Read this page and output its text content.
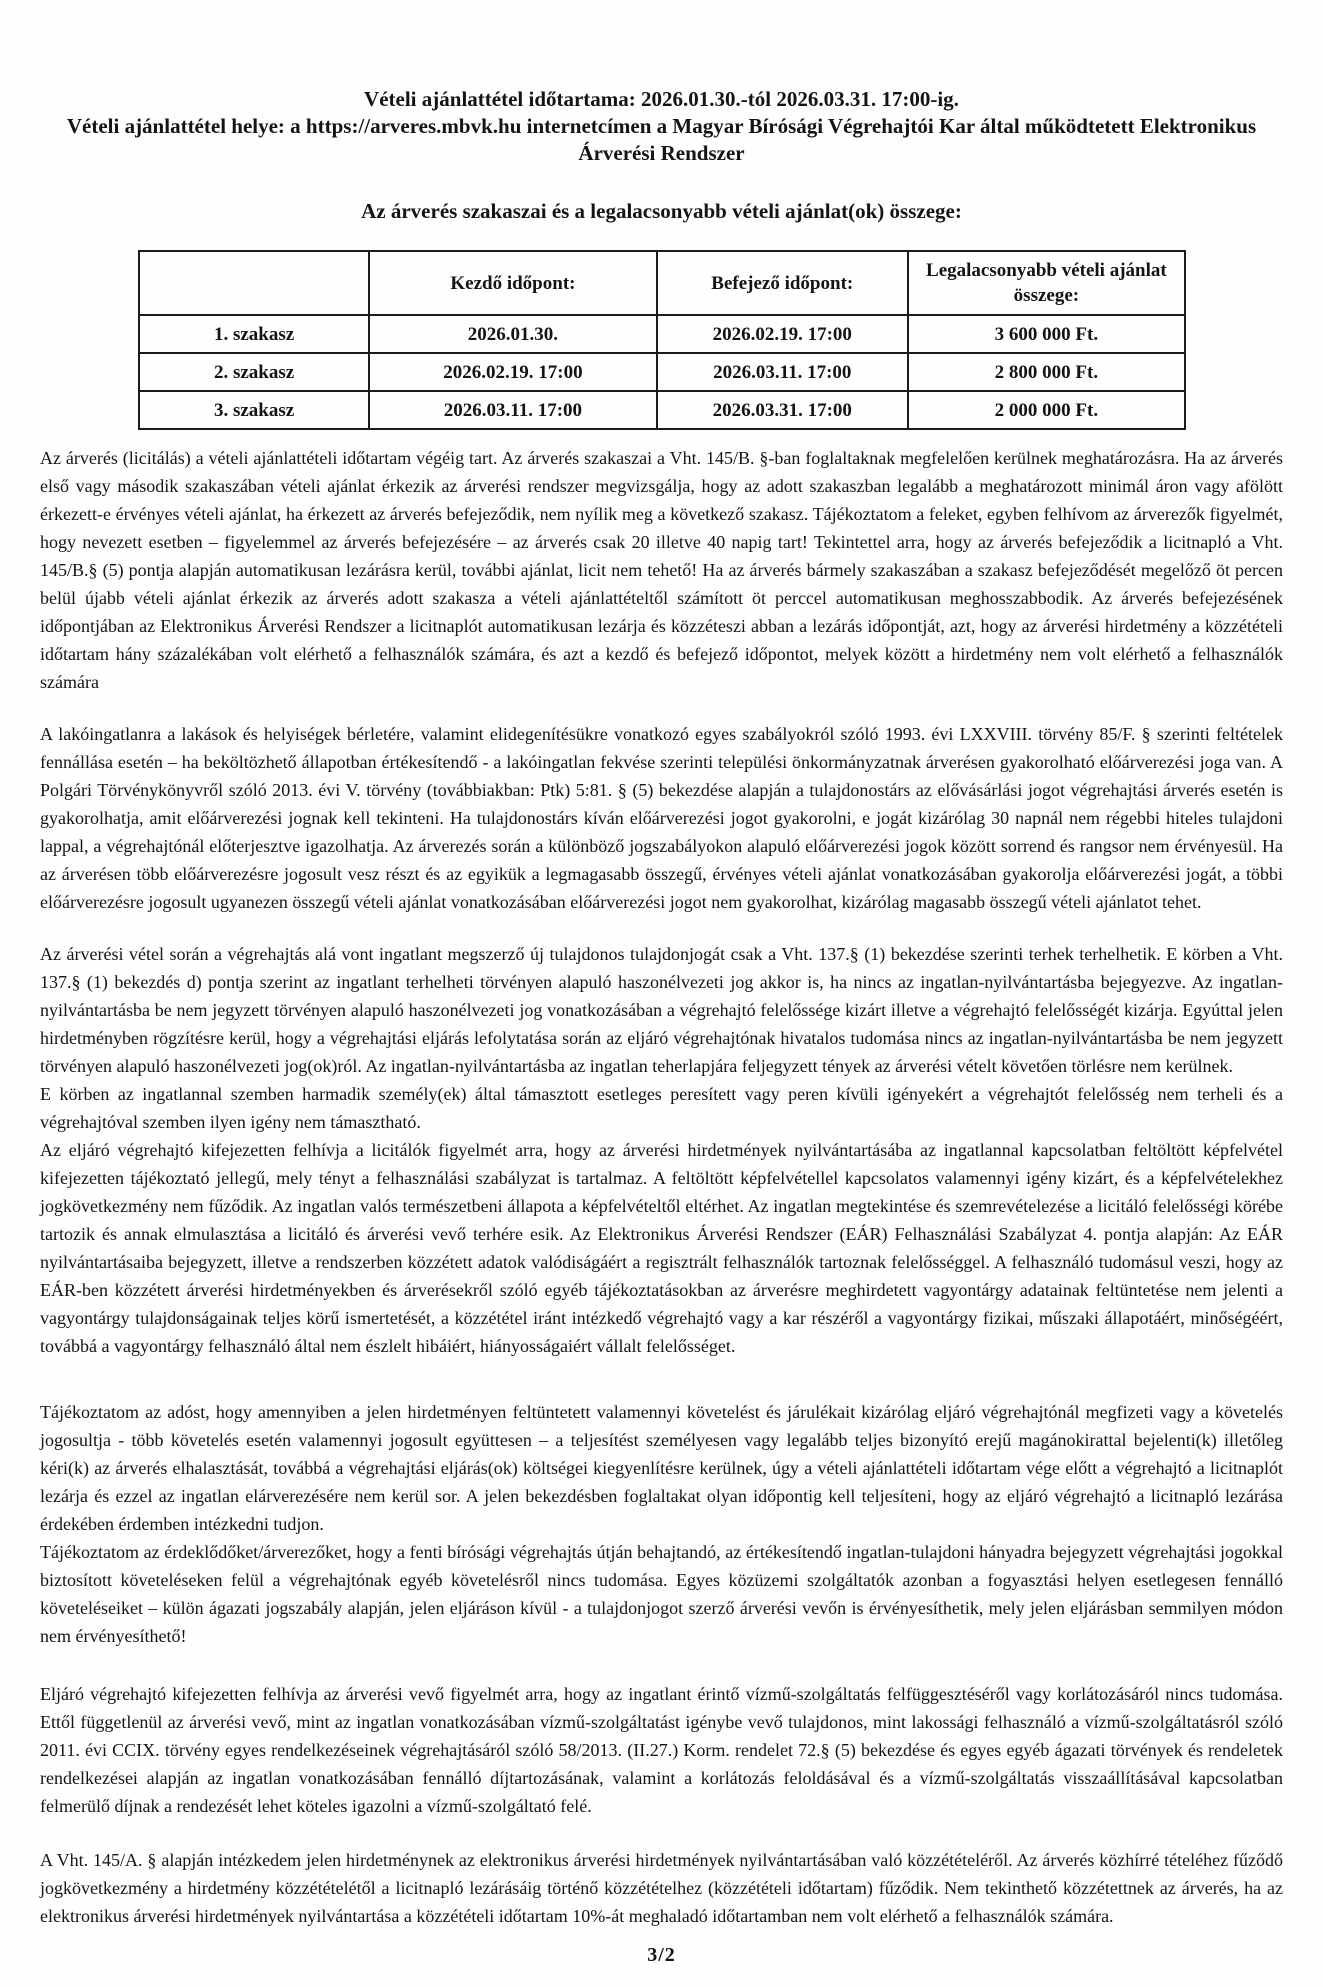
Vételi ajánlattétel időtartama: 2026.01.30.-tól 2026.03.31. 17:00-ig.

Vételi ajánlattétel helye: a https://arveres.mbvk.hu internetcímen a Magyar Bírósági Végrehajtói Kar által működtetett Elektronikus Árverési Rendszer

Az árverés szakaszai és a legalacsonyabb vételi ajánlat(ok) összege:
	Kezdő időpont:	Befejező időpont:	Legalacsonyabb vételi ajánlat összege:
1. szakasz	2026.01.30.	2026.02.19. 17:00	3 600 000 Ft.
2. szakasz	2026.02.19. 17:00	2026.03.11. 17:00	2 800 000 Ft.
3. szakasz	2026.03.11. 17:00	2026.03.31. 17:00	2 000 000 Ft.

Az árverés (licitálás) a vételi ajánlattételi időtartam végéig tart. Az árverés szakaszai a Vht. 145/B. §-ban foglaltaknak megfelelően kerülnek meghatározásra. Ha az árverés első vagy második szakaszában vételi ajánlat érkezik az árverési rendszer megvizsgálja, hogy az adott szakaszban legalább a meghatározott minimál áron vagy afölött érkezett-e érvényes vételi ajánlat, ha érkezett az árverés befejeződik, nem nyílik meg a következő szakasz. Tájékoztatom a feleket, egyben felhívom az árverezők figyelmét, hogy nevezett esetben – figyelemmel az árverés befejezésére – az árverés csak 20 illetve 40 napig tart! Tekintettel arra, hogy az árverés befejeződik a licitnapló a Vht. 145/B.§ (5) pontja alapján automatikusan lezárásra kerül, további ajánlat, licit nem tehető! Ha az árverés bármely szakaszában a szakasz befejeződését megelőző öt percen belül újabb vételi ajánlat érkezik az árverés adott szakasza a vételi ajánlattételtől számított öt perccel automatikusan meghosszabbodik. Az árverés befejezésének időpontjában az Elektronikus Árverési Rendszer a licitnaplót automatikusan lezárja és közzéteszi abban a lezárás időpontját, azt, hogy az árverési hirdetmény a közzétételi időtartam hány százalékában volt elérhető a felhasználók számára, és azt a kezdő és befejező időpontot, melyek között a hirdetmény nem volt elérhető a felhasználók számára

A lakóingatlanra a lakások és helyiségek bérletére, valamint elidegenítésükre vonatkozó egyes szabályokról szóló 1993. évi LXXVIII. törvény 85/F. § szerinti feltételek fennállása esetén – ha beköltözhető állapotban értékesítendő - a lakóingatlan fekvése szerinti települési önkormányzatnak árverésen gyakorolható előárverezési joga van. A Polgári Törvénykönyvről szóló 2013. évi V. törvény (továbbiakban: Ptk) 5:81. § (5) bekezdése alapján a tulajdonostárs az elővásárlási jogot végrehajtási árverés esetén is gyakorolhatja, amit előárverezési jognak kell tekinteni. Ha tulajdonostárs kíván előárverezési jogot gyakorolni, e jogát kizárólag 30 napnál nem régebbi hiteles tulajdoni lappal, a végrehajtónál előterjesztve igazolhatja. Az árverezés során a különböző jogszabályokon alapuló előárverezési jogok között sorrend és rangsor nem érvényesül. Ha az árverésen több előárverezésre jogosult vesz részt és az egyikük a legmagasabb összegű, érvényes vételi ajánlat vonatkozásában gyakorolja előárverezési jogát, a többi előárverezésre jogosult ugyanezen összegű vételi ajánlat vonatkozásában előárverezési jogot nem gyakorolhat, kizárólag magasabb összegű vételi ajánlatot tehet.

Az árverési vétel során a végrehajtás alá vont ingatlant megszerző új tulajdonos tulajdonjogát csak a Vht. 137.§ (1) bekezdése szerinti terhek terhelhetik. E körben a Vht. 137.§ (1) bekezdés d) pontja szerint az ingatlant terhelheti törvényen alapuló haszonélvezeti jog akkor is, ha nincs az ingatlan-nyilvántartásba bejegyezve. Az ingatlan-nyilvántartásba be nem jegyzett törvényen alapuló haszonélvezeti jog vonatkozásában a végrehajtó felelőssége kizárt illetve a végrehajtó felelősségét kizárja. Egyúttal jelen hirdetményben rögzítésre kerül, hogy a végrehajtási eljárás lefolytatása során az eljáró végrehajtónak hivatalos tudomása nincs az ingatlan-nyilvántartásba be nem jegyzett törvényen alapuló haszonélvezeti jog(ok)ról. Az ingatlan-nyilvántartásba az ingatlan teherlapjára feljegyzett tények az árverési vételt követően törlésre nem kerülnek.

E körben az ingatlannal szemben harmadik személy(ek) által támasztott esetleges peresített vagy peren kívüli igényekért a végrehajtót felelősség nem terheli és a végrehajtóval szemben ilyen igény nem támasztható.

Az eljáró végrehajtó kifejezetten felhívja a licitálók figyelmét arra, hogy az árverési hirdetmények nyilvántartásába az ingatlannal kapcsolatban feltöltött képfelvétel kifejezetten tájékoztató jellegű, mely tényt a felhasználási szabályzat is tartalmaz. A feltöltött képfelvétellel kapcsolatos valamennyi igény kizárt, és a képfelvételekhez jogkövetkezmény nem fűződik. Az ingatlan valós természetbeni állapota a képfelvételtől eltérhet. Az ingatlan megtekintése és szemrevételezése a licitáló felelősségi körébe tartozik és annak elmulasztása a licitáló és árverési vevő terhére esik. Az Elektronikus Árverési Rendszer (EÁR) Felhasználási Szabályzat 4. pontja alapján: Az EÁR nyilvántartásaiba bejegyzett, illetve a rendszerben közzétett adatok valódiságáért a regisztrált felhasználók tartoznak felelősséggel. A felhasználó tudomásul veszi, hogy az EÁR-ben közzétett árverési hirdetményekben és árverésekről szóló egyéb tájékoztatásokban az árverésre meghirdetett vagyontárgy adatainak feltüntetése nem jelenti a vagyontárgy tulajdonságainak teljes körű ismertetését, a közzététel iránt intézkedő végrehajtó vagy a kar részéről a vagyontárgy fizikai, műszaki állapotáért, minőségéért, továbbá a vagyontárgy felhasználó által nem észlelt hibáiért, hiányosságaiért vállalt felelősséget.

Tájékoztatom az adóst, hogy amennyiben a jelen hirdetményen feltüntetett valamennyi követelést és járulékait kizárólag eljáró végrehajtónál megfizeti vagy a követelés jogosultja - több követelés esetén valamennyi jogosult együttesen – a teljesítést személyesen vagy legalább teljes bizonyító erejű magánokirattal bejelenti(k) illetőleg kéri(k) az árverés elhalasztását, továbbá a végrehajtási eljárás(ok) költségei kiegyenlítésre kerülnek, úgy a vételi ajánlattételi időtartam vége előtt a végrehajtó a licitnaplót lezárja és ezzel az ingatlan elárverezésére nem kerül sor. A jelen bekezdésben foglaltakat olyan időpontig kell teljesíteni, hogy az eljáró végrehajtó a licitnapló lezárása érdekében érdemben intézkedni tudjon.

Tájékoztatom az érdeklődőket/árverezőket, hogy a fenti bírósági végrehajtás útján behajtandó, az értékesítendő ingatlan-tulajdoni hányadra bejegyzett végrehajtási jogokkal biztosított követeléseken felül a végrehajtónak egyéb követelésről nincs tudomása. Egyes közüzemi szolgáltatók azonban a fogyasztási helyen esetlegesen fennálló követeléseiket – külön ágazati jogszabály alapján, jelen eljáráson kívül - a tulajdonjogot szerző árverési vevőn is érvényesíthetik, mely jelen eljárásban semmilyen módon nem érvényesíthető!

Eljáró végrehajtó kifejezetten felhívja az árverési vevő figyelmét arra, hogy az ingatlant érintő vízmű-szolgáltatás felfüggesztéséről vagy korlátozásáról nincs tudomása. Ettől függetlenül az árverési vevő, mint az ingatlan vonatkozásában vízmű-szolgáltatást igénybe vevő tulajdonos, mint lakossági felhasználó a vízmű-szolgáltatásról szóló 2011. évi CCIX. törvény egyes rendelkezéseinek végrehajtásáról szóló 58/2013. (II.27.) Korm. rendelet 72.§ (5) bekezdése és egyes egyéb ágazati törvények és rendeletek rendelkezései alapján az ingatlan vonatkozásában fennálló díjtartozásának, valamint a korlátozás feloldásával és a vízmű-szolgáltatás visszaállításával kapcsolatban felmerülő díjnak a rendezését lehet köteles igazolni a vízmű-szolgáltató felé.

A Vht. 145/A. § alapján intézkedem jelen hirdetménynek az elektronikus árverési hirdetmények nyilvántartásában való közzétételéről. Az árverés közhírré tételéhez fűződő jogkövetkezmény a hirdetmény közzétételétől a licitnapló lezárásáig történő közzétételhez (közzétételi időtartam) fűződik. Nem tekinthető közzétettnek az árverés, ha az elektronikus árverési hirdetmények nyilvántartása a közzétételi időtartam 10%-át meghaladó időtartamban nem volt elérhető a felhasználók számára.

3/2
